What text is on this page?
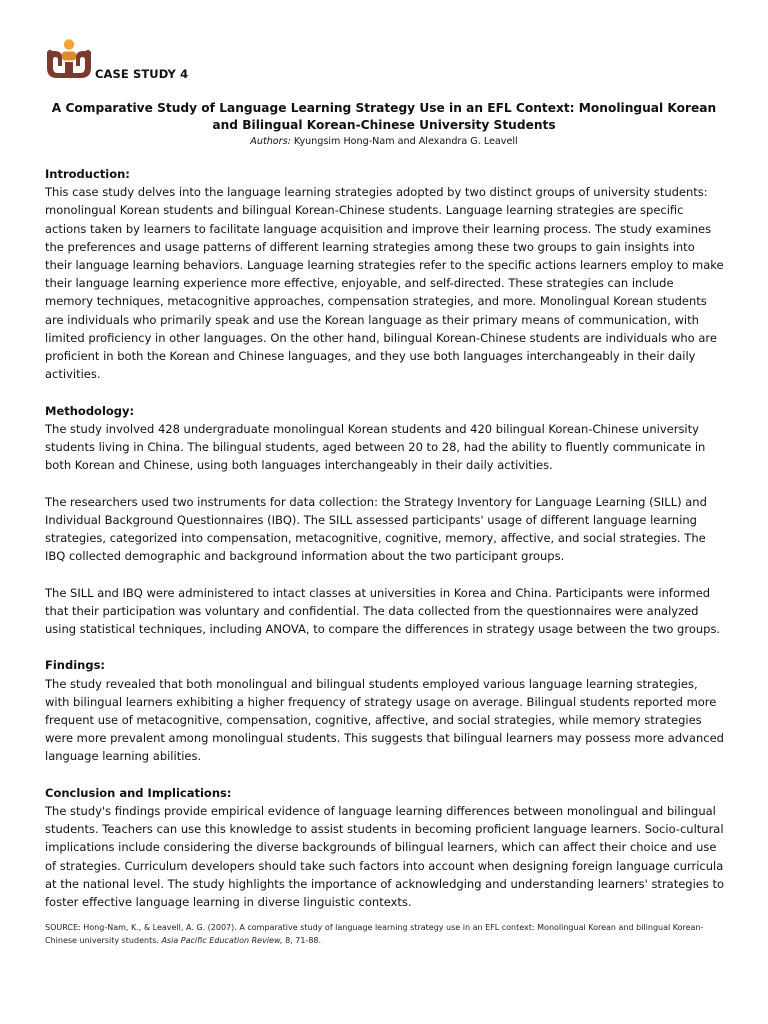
CASE STUDY 4

A Comparative Study of Language Learning Strategy Use in an EFL Context: Monolingual Korean and Bilingual Korean-Chinese University Students

Authors: Kyungsim Hong-Nam and Alexandra G. Leavell

Introduction:

This case study delves into the language learning strategies adopted by two distinct groups of university students: monolingual Korean students and bilingual Korean-Chinese students. Language learning strategies are specific actions taken by learners to facilitate language acquisition and improve their learning process. The study examines the preferences and usage patterns of different learning strategies among these two groups to gain insights into their language learning behaviors. Language learning strategies refer to the specific actions learners employ to make their language learning experience more effective, enjoyable, and self-directed. These strategies can include memory techniques, metacognitive approaches, compensation strategies, and more. Monolingual Korean students are individuals who primarily speak and use the Korean language as their primary means of communication, with limited proficiency in other languages. On the other hand, bilingual Korean-Chinese students are individuals who are proficient in both the Korean and Chinese languages, and they use both languages interchangeably in their daily activities.

Methodology:

The study involved 428 undergraduate monolingual Korean students and 420 bilingual Korean-Chinese university students living in China. The bilingual students, aged between 20 to 28, had the ability to fluently communicate in both Korean and Chinese, using both languages interchangeably in their daily activities.

The researchers used two instruments for data collection: the Strategy Inventory for Language Learning (SILL) and Individual Background Questionnaires (IBQ). The SILL assessed participants' usage of different language learning strategies, categorized into compensation, metacognitive, cognitive, memory, affective, and social strategies. The IBQ collected demographic and background information about the two participant groups.

The SILL and IBQ were administered to intact classes at universities in Korea and China. Participants were informed that their participation was voluntary and confidential. The data collected from the questionnaires were analyzed using statistical techniques, including ANOVA, to compare the differences in strategy usage between the two groups.

Findings:

The study revealed that both monolingual and bilingual students employed various language learning strategies, with bilingual learners exhibiting a higher frequency of strategy usage on average. Bilingual students reported more frequent use of metacognitive, compensation, cognitive, affective, and social strategies, while memory strategies were more prevalent among monolingual students. This suggests that bilingual learners may possess more advanced language learning abilities.

Conclusion and Implications:

The study's findings provide empirical evidence of language learning differences between monolingual and bilingual students. Teachers can use this knowledge to assist students in becoming proficient language learners. Socio-cultural implications include considering the diverse backgrounds of bilingual learners, which can affect their choice and use of strategies. Curriculum developers should take such factors into account when designing foreign language curricula at the national level. The study highlights the importance of acknowledging and understanding learners' strategies to foster effective language learning in diverse linguistic contexts.

SOURCE: Hong-Nam, K., & Leavell, A. G. (2007). A comparative study of language learning strategy use in an EFL context: Monolingual Korean and bilingual Korean-Chinese university students. Asia Pacific Education Review, 8, 71-88.
